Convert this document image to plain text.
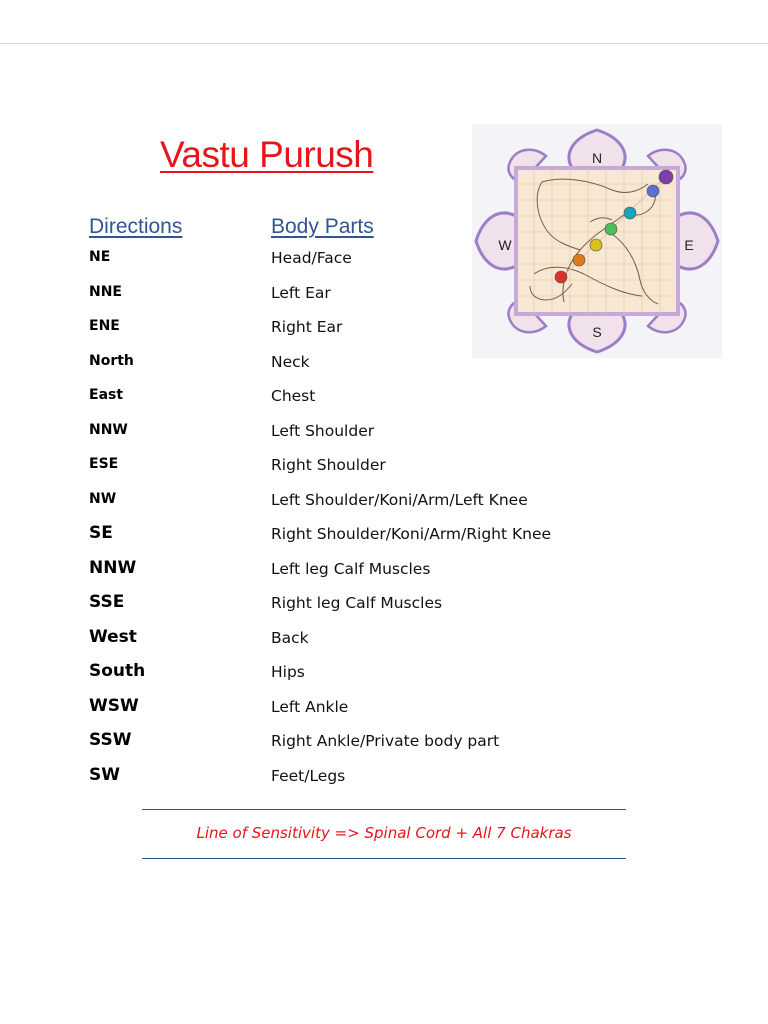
Vastu Purush
Directions	Body Parts
NE	Head/Face
NNE	Left Ear
ENE	Right Ear
North	Neck
East	Chest
NNW	Left Shoulder
ESE	Right Shoulder
NW	Left Shoulder/Koni/Arm/Left Knee
SE	Right Shoulder/Koni/Arm/Right Knee
NNW	Left leg Calf Muscles
SSE	Right leg Calf Muscles
West	Back
South	Hips
WSW	Left Ankle
SSW	Right Ankle/Private body part
SW	Feet/Legs
N
S
W	E
Line of Sensitivity => Spinal Cord + All 7 Chakras
